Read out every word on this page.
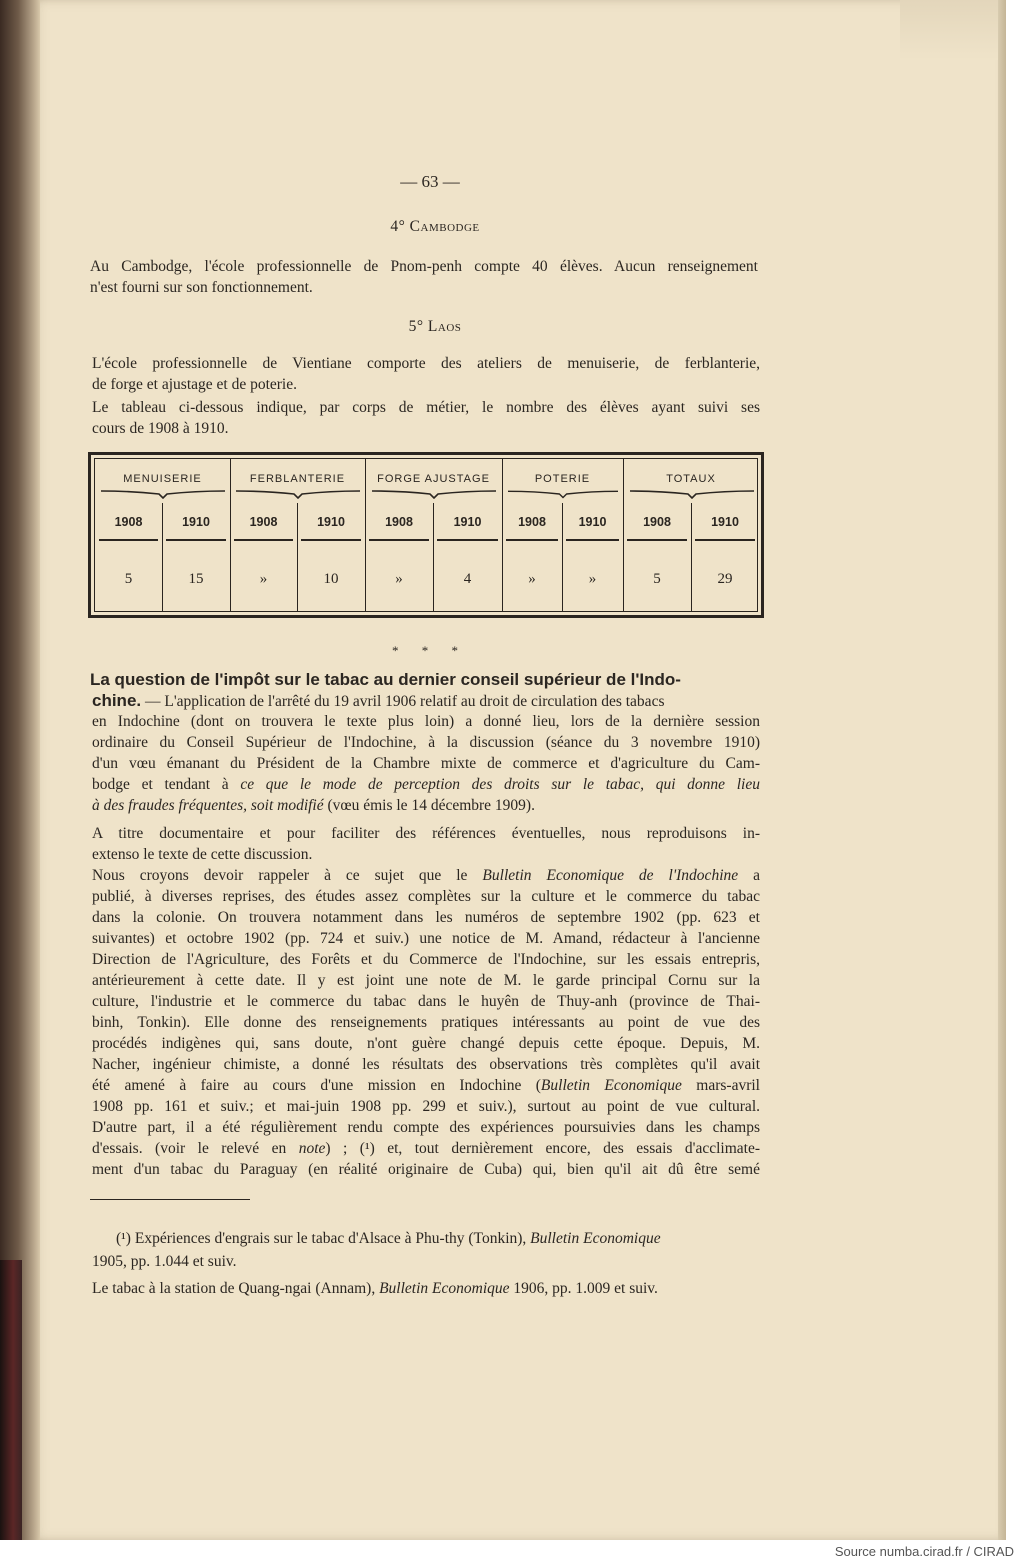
— 63 —

4° Cambodge

Au Cambodge, l'école professionnelle de Pnom-penh compte 40 élèves. Aucun renseignement
n'est fourni sur son fonctionnement.

5° Laos

L'école professionnelle de Vientiane comporte des ateliers de menuiserie, de ferblanterie,
de forge et ajustage et de poterie.
Le tableau ci-dessous indique, par corps de métier, le nombre des élèves ayant suivi ses
cours de 1908 à 1910.
MENUISERIE	FERBLANTERIE	FORGE AJUSTAGE	POTERIE	TOTAUX
1908	1910	1908	1910	1908	1910	1908	1910	1908	1910
5	15	»	10	»	4	»	»	5	29

* * *

La question de l'impôt sur le tabac au dernier conseil supérieur de l'Indo-

chine. — L'application de l'arrêté du 19 avril 1906 relatif au droit de circulation des tabacs

en Indochine (dont on trouvera le texte plus loin) a donné lieu, lors de la dernière session
ordinaire du Conseil Supérieur de l'Indochine, à la discussion (séance du 3 novembre 1910)
d'un vœu émanant du Président de la Chambre mixte de commerce et d'agriculture du Cam-
bodge et tendant à ce que le mode de perception des droits sur le tabac, qui donne lieu
à des fraudes fréquentes, soit modifié (vœu émis le 14 décembre 1909).
A titre documentaire et pour faciliter des références éventuelles, nous reproduisons in-
extenso le texte de cette discussion.
Nous croyons devoir rappeler à ce sujet que le Bulletin Economique de l'Indochine a
publié, à diverses reprises, des études assez complètes sur la culture et le commerce du tabac
dans la colonie. On trouvera notamment dans les numéros de septembre 1902 (pp. 623 et
suivantes) et octobre 1902 (pp. 724 et suiv.) une notice de M. Amand, rédacteur à l'ancienne
Direction de l'Agriculture, des Forêts et du Commerce de l'Indochine, sur les essais entrepris,
antérieurement à cette date. Il y est joint une note de M. le garde principal Cornu sur la
culture, l'industrie et le commerce du tabac dans le huyên de Thuy-anh (province de Thai-
binh, Tonkin). Elle donne des renseignements pratiques intéressants au point de vue des
procédés indigènes qui, sans doute, n'ont guère changé depuis cette époque. Depuis, M.
Nacher, ingénieur chimiste, a donné les résultats des observations très complètes qu'il avait
été amené à faire au cours d'une mission en Indochine (Bulletin Economique mars-avril
1908 pp. 161 et suiv.; et mai-juin 1908 pp. 299 et suiv.), surtout au point de vue cultural.
D'autre part, il a été régulièrement rendu compte des expériences poursuivies dans les champs
d'essais. (voir le relevé en note) ; (¹) et, tout dernièrement encore, des essais d'acclimate-
ment d'un tabac du Paraguay (en réalité originaire de Cuba) qui, bien qu'il ait dû être semé

(¹) Expériences d'engrais sur le tabac d'Alsace à Phu-thy (Tonkin), Bulletin Economique

1905, pp. 1.044 et suiv.

Le tabac à la station de Quang-ngai (Annam), Bulletin Economique 1906, pp. 1.009 et suiv.

Source numba.cirad.fr / CIRAD
